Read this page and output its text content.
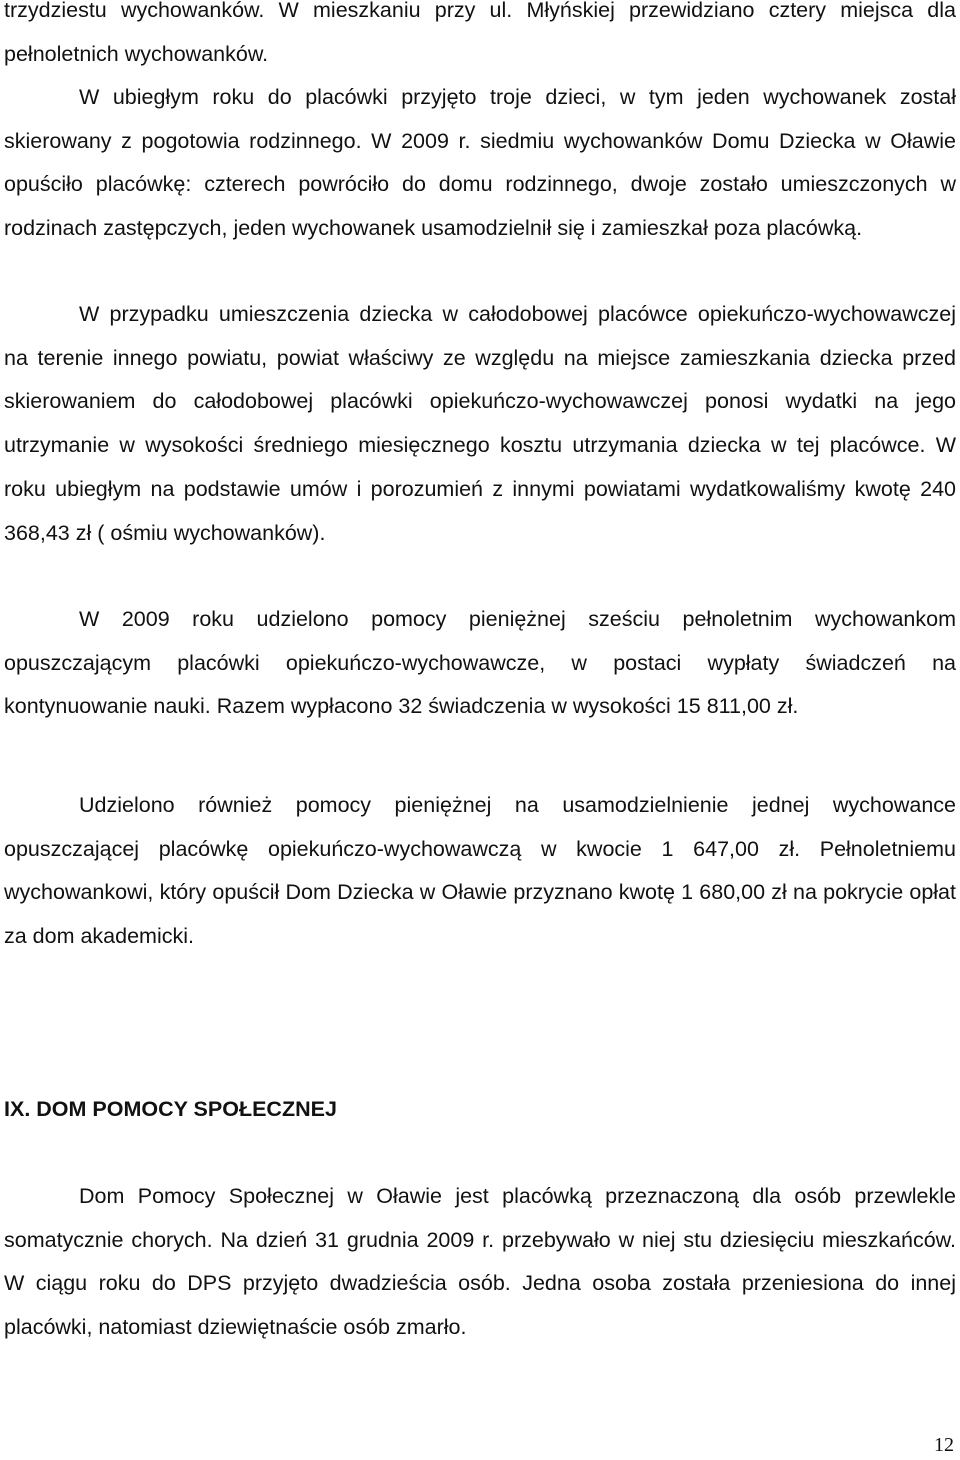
trzydziestu wychowanków. W mieszkaniu przy ul. Młyńskiej przewidziano cztery miejsca dla pełnoletnich wychowanków.

W ubiegłym roku do placówki przyjęto troje dzieci, w tym jeden wychowanek został skierowany z pogotowia rodzinnego. W 2009 r. siedmiu wychowanków Domu Dziecka w Oławie opuściło placówkę: czterech powróciło do domu rodzinnego, dwoje zostało umieszczonych w rodzinach zastępczych, jeden wychowanek usamodzielnił się i zamieszkał poza placówką.

W przypadku umieszczenia dziecka w całodobowej placówce opiekuńczo-wychowawczej na terenie innego powiatu, powiat właściwy ze względu na miejsce zamieszkania dziecka przed skierowaniem do całodobowej placówki opiekuńczo-wychowawczej ponosi wydatki na jego utrzymanie w wysokości średniego miesięcznego kosztu utrzymania dziecka w tej placówce. W roku ubiegłym na podstawie umów i porozumień z innymi powiatami wydatkowaliśmy kwotę 240 368,43 zł ( ośmiu wychowanków).

W 2009 roku udzielono pomocy pieniężnej sześciu pełnoletnim wychowankom opuszczającym placówki opiekuńczo-wychowawcze, w postaci wypłaty świadczeń na kontynuowanie nauki. Razem wypłacono 32 świadczenia w wysokości 15 811,00 zł.

Udzielono również pomocy pieniężnej na usamodzielnienie jednej wychowance opuszczającej placówkę opiekuńczo-wychowawczą w kwocie 1 647,00 zł. Pełnoletniemu wychowankowi, który opuścił Dom Dziecka w Oławie przyznano kwotę 1 680,00 zł na pokrycie opłat za dom akademicki.

IX. DOM POMOCY SPOŁECZNEJ

Dom Pomocy Społecznej w Oławie jest placówką przeznaczoną dla osób przewlekle somatycznie chorych. Na dzień 31 grudnia 2009 r. przebywało w niej stu dziesięciu mieszkańców. W ciągu roku do DPS przyjęto dwadzieścia osób. Jedna osoba została przeniesiona do innej placówki, natomiast dziewiętnaście osób zmarło.

12
